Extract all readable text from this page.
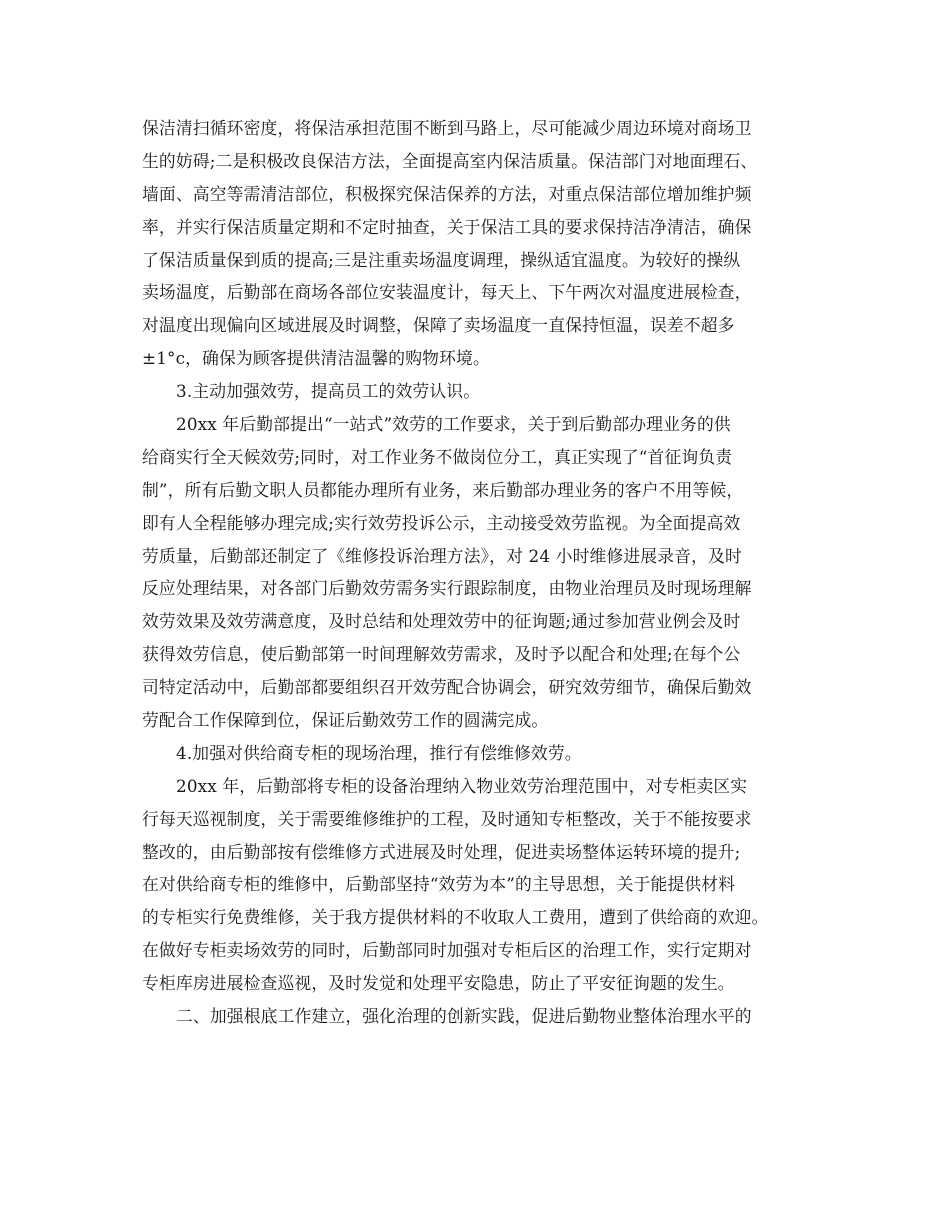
保洁清扫循环密度，将保洁承担范围不断到马路上，尽可能减少周边环境对商场卫
生的妨碍;二是积极改良保洁方法，全面提高室内保洁质量。保洁部门对地面理石、
墙面、高空等需清洁部位，积极探究保洁保养的方法，对重点保洁部位增加维护频
率，并实行保洁质量定期和不定时抽查，关于保洁工具的要求保持洁净清洁，确保
了保洁质量保到质的提高;三是注重卖场温度调理，操纵适宜温度。为较好的操纵
卖场温度，后勤部在商场各部位安装温度计，每天上、下午两次对温度进展检查，
对温度出现偏向区域进展及时调整，保障了卖场温度一直保持恒温，误差不超多
±1°c，确保为顾客提供清洁温馨的购物环境。
3.主动加强效劳，提高员工的效劳认识。
20xx 年后勤部提出“一站式”效劳的工作要求，关于到后勤部办理业务的供
给商实行全天候效劳;同时，对工作业务不做岗位分工，真正实现了“首征询负责
制”，所有后勤文职人员都能办理所有业务，来后勤部办理业务的客户不用等候，
即有人全程能够办理完成;实行效劳投诉公示，主动接受效劳监视。为全面提高效
劳质量，后勤部还制定了《维修投诉治理方法》，对 24 小时维修进展录音，及时
反应处理结果，对各部门后勤效劳需务实行跟踪制度，由物业治理员及时现场理解
效劳效果及效劳满意度，及时总结和处理效劳中的征询题;通过参加营业例会及时
获得效劳信息，使后勤部第一时间理解效劳需求，及时予以配合和处理;在每个公
司特定活动中，后勤部都要组织召开效劳配合协调会，研究效劳细节，确保后勤效
劳配合工作保障到位，保证后勤效劳工作的圆满完成。
4.加强对供给商专柜的现场治理，推行有偿维修效劳。
20xx 年，后勤部将专柜的设备治理纳入物业效劳治理范围中，对专柜卖区实
行每天巡视制度，关于需要维修维护的工程，及时通知专柜整改，关于不能按要求
整改的，由后勤部按有偿维修方式进展及时处理，促进卖场整体运转环境的提升;
在对供给商专柜的维修中，后勤部坚持“效劳为本”的主导思想，关于能提供材料
的专柜实行免费维修，关于我方提供材料的不收取人工费用，遭到了供给商的欢迎。
在做好专柜卖场效劳的同时，后勤部同时加强对专柜后区的治理工作，实行定期对
专柜库房进展检查巡视，及时发觉和处理平安隐患，防止了平安征询题的发生。
二、加强根底工作建立，强化治理的创新实践，促进后勤物业整体治理水平的
